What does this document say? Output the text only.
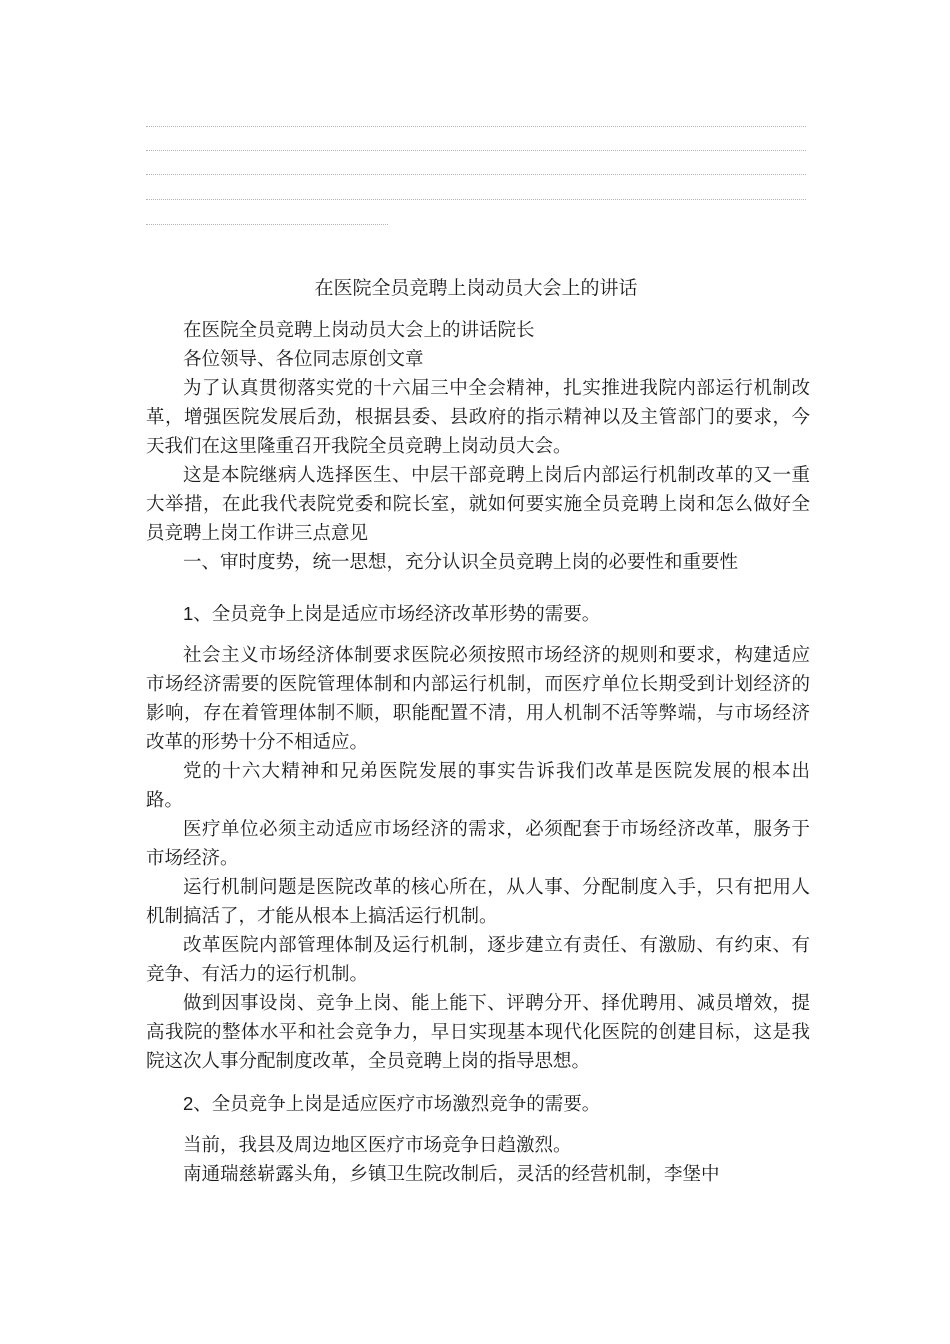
在医院全员竞聘上岗动员大会上的讲话

在医院全员竞聘上岗动员大会上的讲话院长

各位领导、各位同志原创文章

为了认真贯彻落实党的十六届三中全会精神，扎实推进我院内部运行机制改革，增强医院发展后劲，根据县委、县政府的指示精神以及主管部门的要求，今天我们在这里隆重召开我院全员竞聘上岗动员大会。

这是本院继病人选择医生、中层干部竞聘上岗后内部运行机制改革的又一重大举措，在此我代表院党委和院长室，就如何要实施全员竞聘上岗和怎么做好全员竞聘上岗工作讲三点意见

一、审时度势，统一思想，充分认识全员竞聘上岗的必要性和重要性

1、全员竞争上岗是适应市场经济改革形势的需要。

社会主义市场经济体制要求医院必须按照市场经济的规则和要求，构建适应市场经济需要的医院管理体制和内部运行机制，而医疗单位长期受到计划经济的影响，存在着管理体制不顺，职能配置不清，用人机制不活等弊端，与市场经济改革的形势十分不相适应。

党的十六大精神和兄弟医院发展的事实告诉我们改革是医院发展的根本出路。

医疗单位必须主动适应市场经济的需求，必须配套于市场经济改革，服务于市场经济。

运行机制问题是医院改革的核心所在，从人事、分配制度入手，只有把用人机制搞活了，才能从根本上搞活运行机制。

改革医院内部管理体制及运行机制，逐步建立有责任、有激励、有约束、有竞争、有活力的运行机制。

做到因事设岗、竞争上岗、能上能下、评聘分开、择优聘用、减员增效，提高我院的整体水平和社会竞争力，早日实现基本现代化医院的创建目标，这是我院这次人事分配制度改革，全员竞聘上岗的指导思想。

2、全员竞争上岗是适应医疗市场激烈竞争的需要。

当前，我县及周边地区医疗市场竞争日趋激烈。

南通瑞慈崭露头角，乡镇卫生院改制后，灵活的经营机制，李堡中
